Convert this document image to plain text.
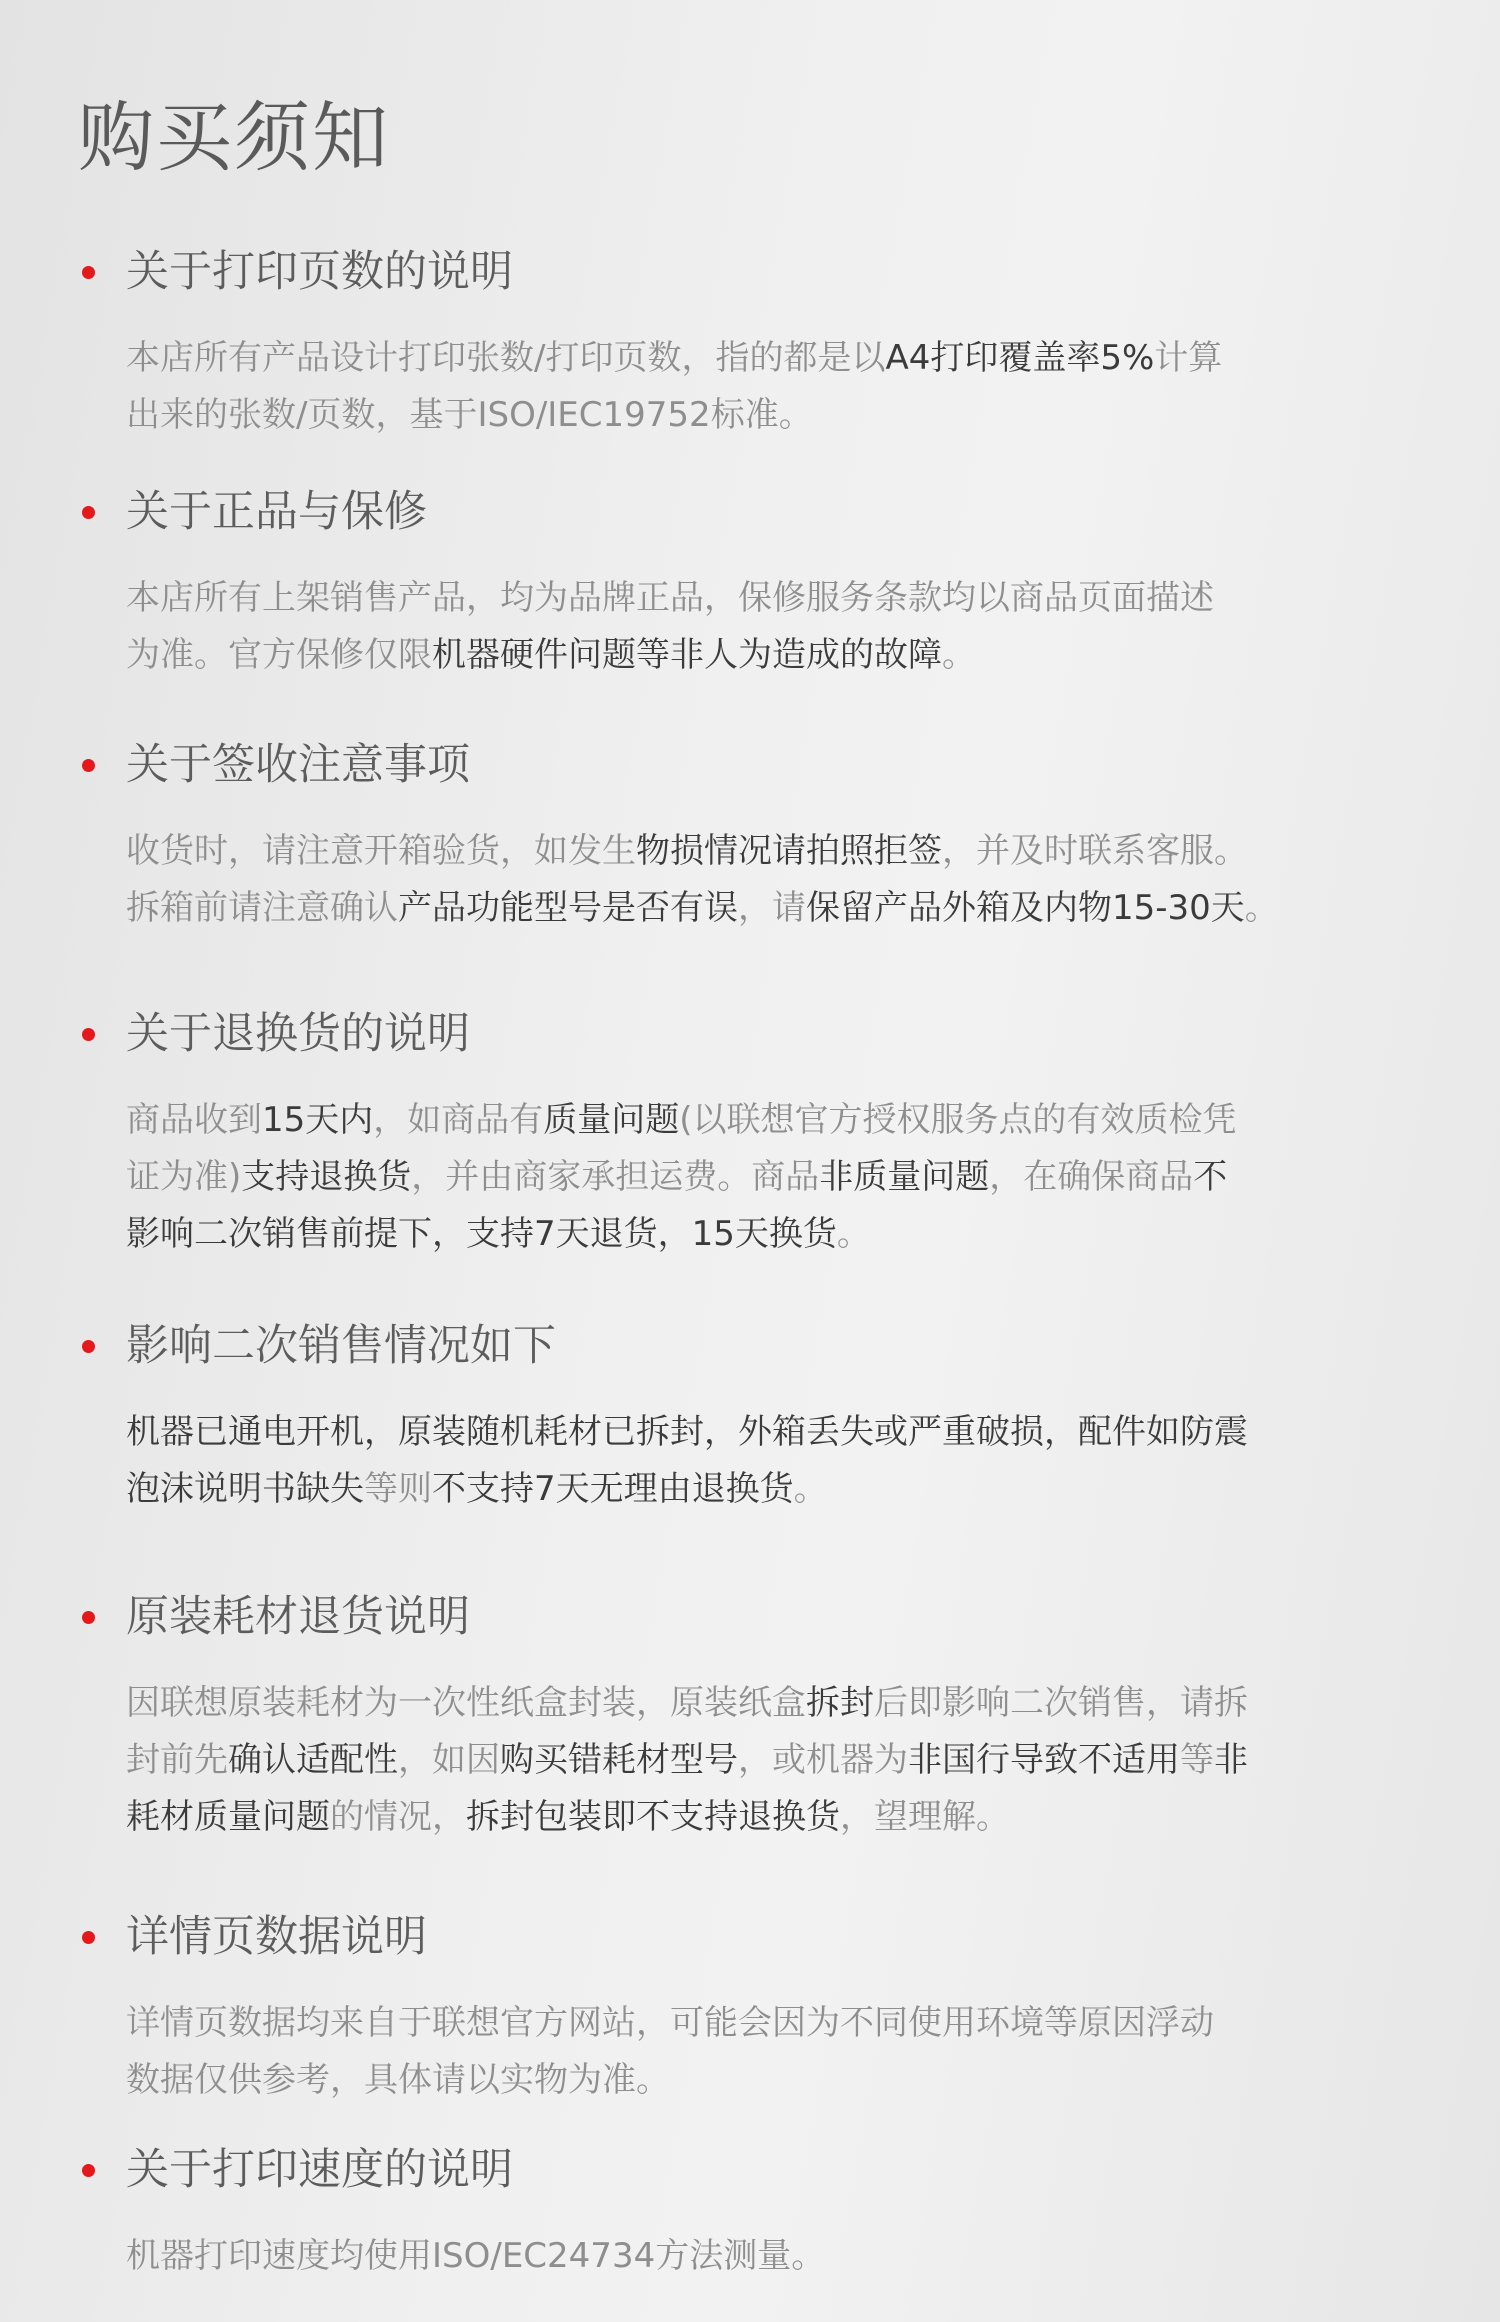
购买须知
关于打印页数的说明

本店所有产品设计打印张数/打印页数，指的都是以A4打印覆盖率5%计算
出来的张数/页数，基于ISO/IEC19752标准。

关于正品与保修

本店所有上架销售产品，均为品牌正品，保修服务条款均以商品页面描述
为准。官方保修仅限机器硬件问题等非人为造成的故障。

关于签收注意事项

收货时，请注意开箱验货，如发生物损情况请拍照拒签，并及时联系客服。
拆箱前请注意确认产品功能型号是否有误，请保留产品外箱及内物15-30天。

关于退换货的说明

商品收到15天内，如商品有质量问题(以联想官方授权服务点的有效质检凭
证为准)支持退换货，并由商家承担运费。商品非质量问题，在确保商品不
影响二次销售前提下，支持7天退货，15天换货。

影响二次销售情况如下

机器已通电开机，原装随机耗材已拆封，外箱丢失或严重破损，配件如防震
泡沫说明书缺失等则不支持7天无理由退换货。

原装耗材退货说明

因联想原装耗材为一次性纸盒封装，原装纸盒拆封后即影响二次销售，请拆
封前先确认适配性，如因购买错耗材型号，或机器为非国行导致不适用等非
耗材质量问题的情况，拆封包装即不支持退换货，望理解。

详情页数据说明

详情页数据均来自于联想官方网站，可能会因为不同使用环境等原因浮动
数据仅供参考，具体请以实物为准。

关于打印速度的说明

机器打印速度均使用ISO/EC24734方法测量。
